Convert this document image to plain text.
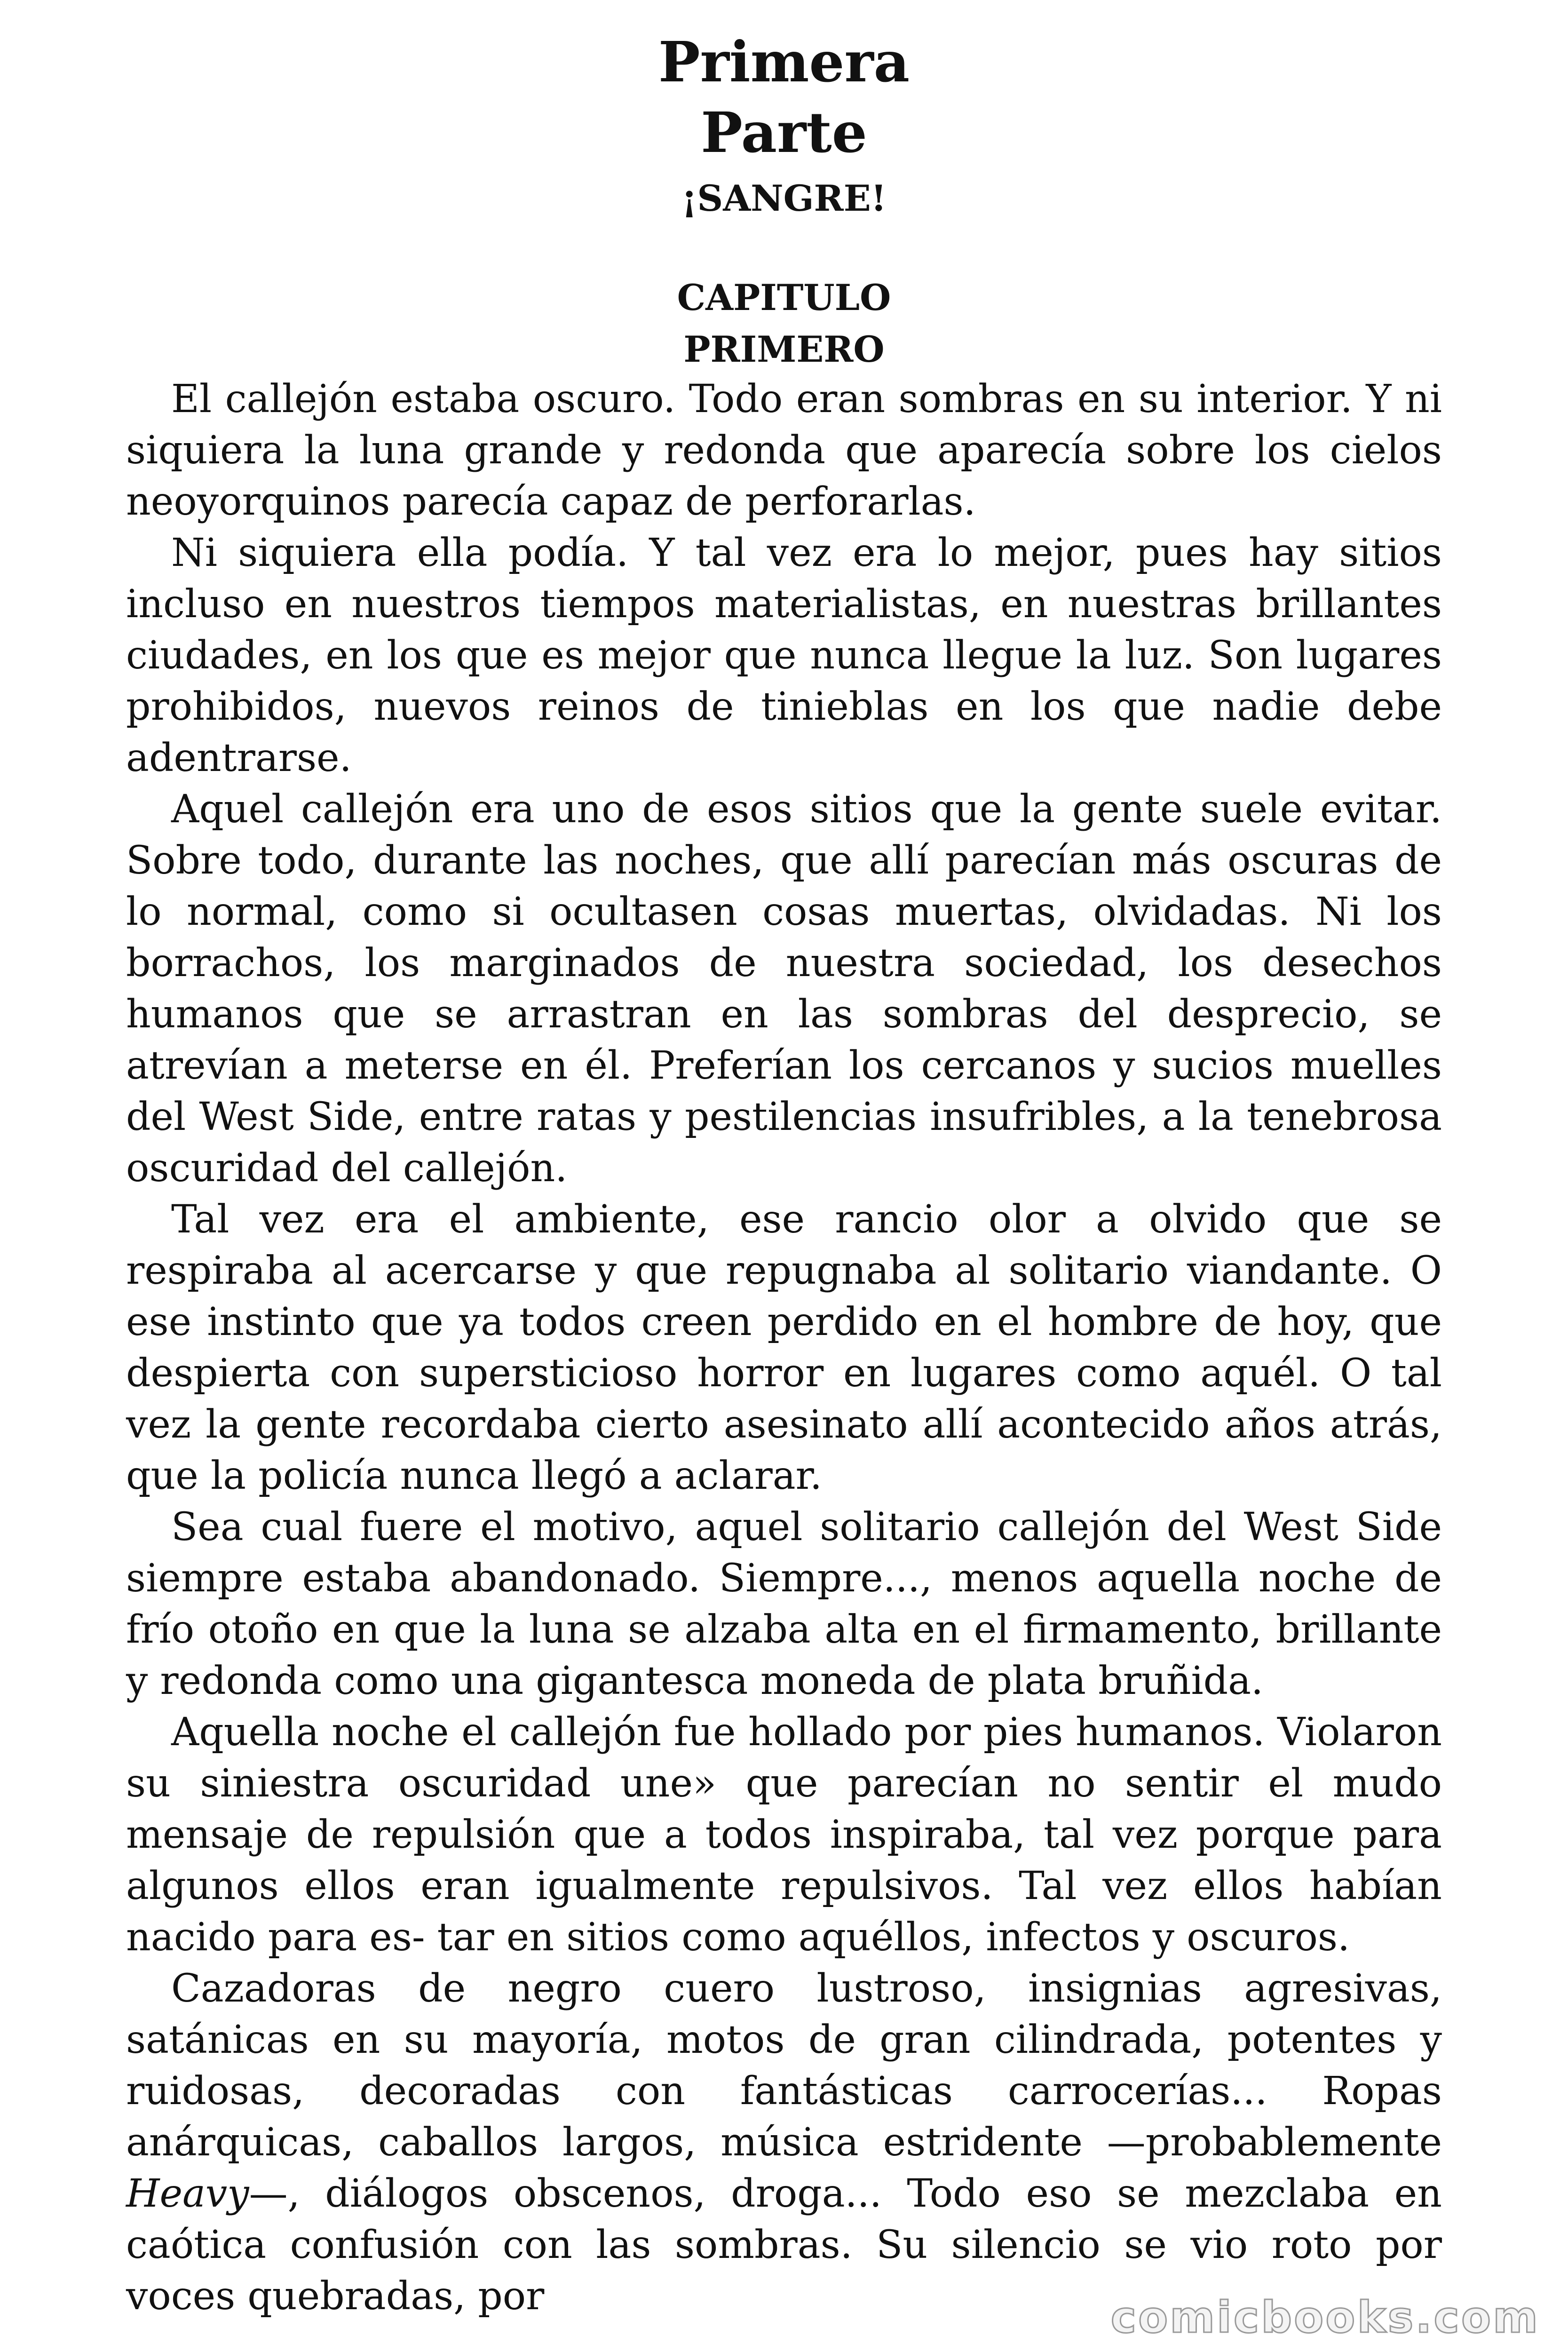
Primera
Parte
¡SANGRE!
CAPITULO
PRIMERO

El callejón estaba oscuro. Todo eran sombras en su interior. Y ni siquiera la luna grande y redonda que aparecía sobre los cielos neoyorquinos parecía capaz de perforarlas.

Ni siquiera ella podía. Y tal vez era lo mejor, pues hay sitios incluso en nuestros tiempos materialistas, en nuestras brillantes ciudades, en los que es mejor que nunca llegue la luz. Son lugares prohibidos, nuevos reinos de tinieblas en los que nadie debe adentrarse.

Aquel callejón era uno de esos sitios que la gente suele evitar. Sobre todo, durante las noches, que allí parecían más oscuras de lo normal, como si ocultasen cosas muertas, olvidadas. Ni los borrachos, los marginados de nuestra sociedad, los desechos humanos que se arrastran en las sombras del desprecio, se atrevían a meterse en él. Preferían los cercanos y sucios muelles del West Side, entre ratas y pestilencias insufribles, a la tenebrosa oscuridad del callejón.

Tal vez era el ambiente, ese rancio olor a olvido que se respiraba al acercarse y que repugnaba al solitario viandante. O ese instinto que ya todos creen perdido en el hombre de hoy, que despierta con supersticioso horror en lugares como aquél. O tal vez la gente recordaba cierto asesinato allí acontecido años atrás, que la policía nunca llegó a aclarar.

Sea cual fuere el motivo, aquel solitario callejón del West Side siempre estaba abandonado. Siempre..., menos aquella noche de frío otoño en que la luna se alzaba alta en el firmamento, brillante y redonda como una gigantesca moneda de plata bruñida.

Aquella noche el callejón fue hollado por pies humanos. Violaron su siniestra oscuridad une» que parecían no sentir el mudo mensaje de repulsión que a todos inspiraba, tal vez porque para algunos ellos eran igualmente repulsivos. Tal vez ellos habían nacido para es- tar en sitios como aquéllos, infectos y oscuros.

Cazadoras de negro cuero lustroso, insignias agresivas, satánicas en su mayoría, motos de gran cilindrada, potentes y ruidosas, decoradas con fantásticas carrocerías... Ropas anárquicas, caballos largos, música estridente —probablemente Heavy—, diálogos obscenos, droga... Todo eso se mezclaba en caótica confusión con las sombras. Su silencio se vio roto por voces quebradas, por	comicbooks.com
